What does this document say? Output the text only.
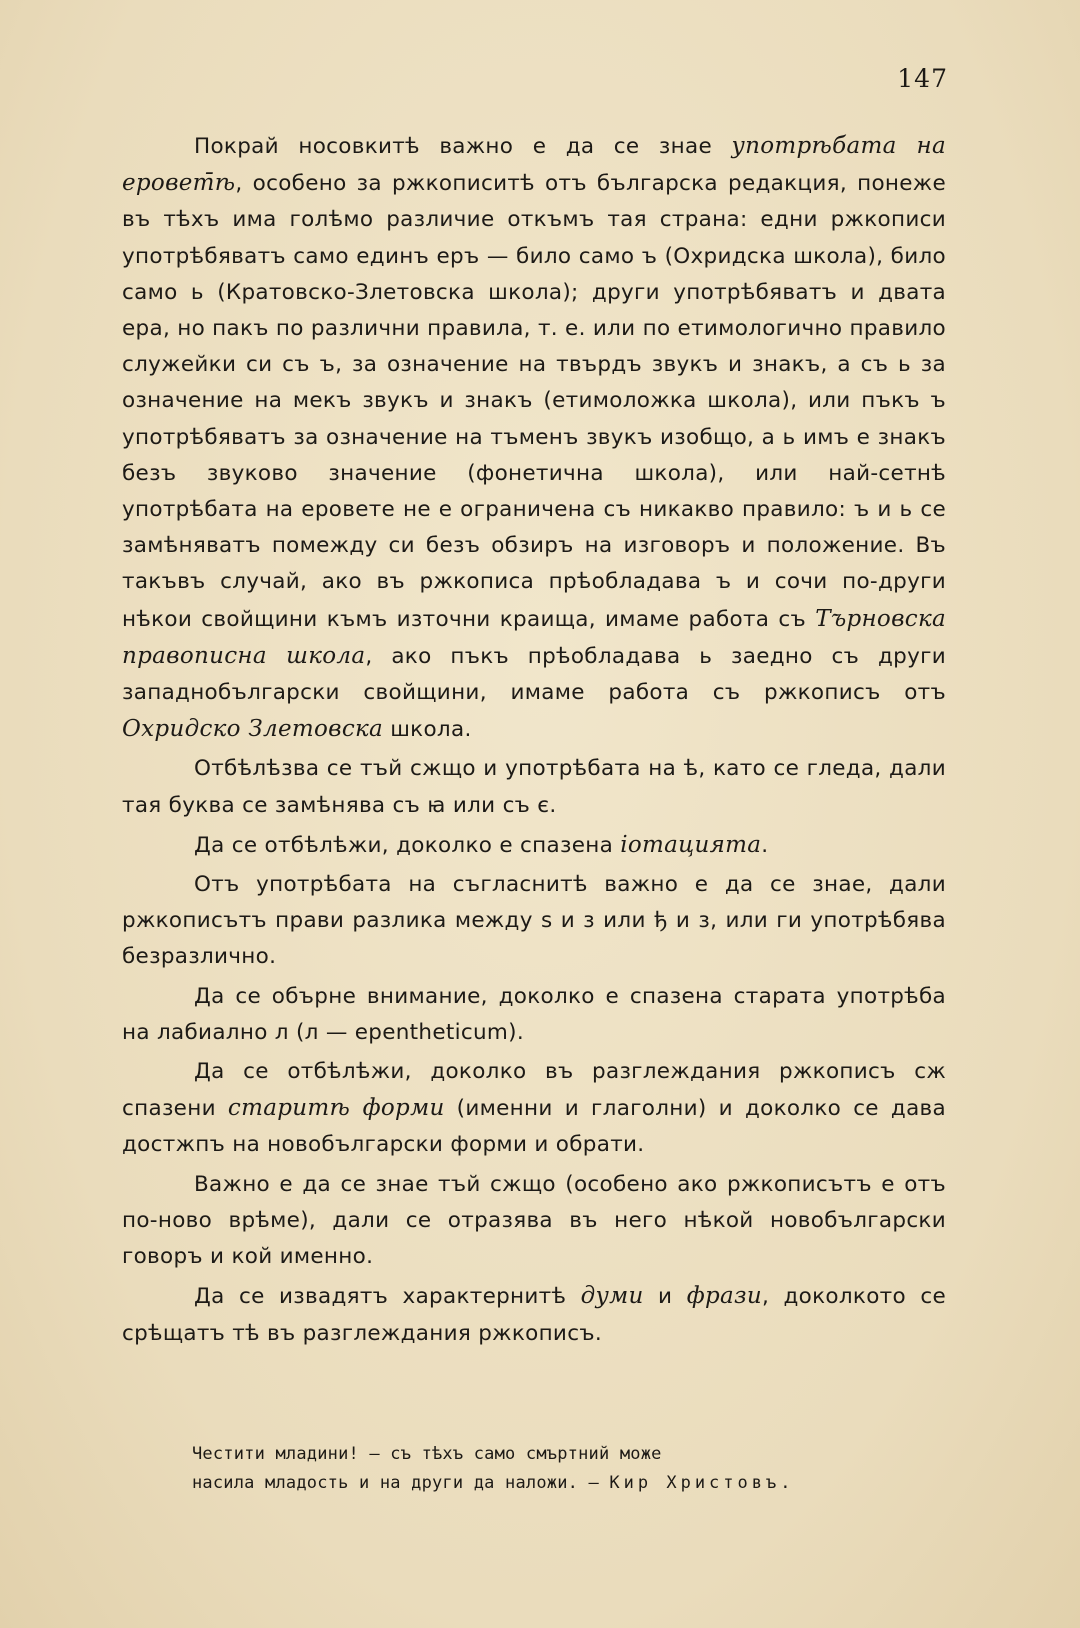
147

Покрай носовкитѣ важно е да се знае употрѣбата на еровет̄ѣ, особено за ржкописитѣ отъ българска редакция, понеже въ тѣхъ има голѣмо различие откъмъ тая страна: едни ржкописи употрѣбяватъ само единъ еръ — било само ъ (Охридска школа), било само ь (Кратовско-Злетовска школа); други употрѣбяватъ и двата ера, но пакъ по различни правила, т. е. или по етимологично правило служейки си съ ъ, за означение на твърдъ звукъ и знакъ, а съ ь за означение на мекъ звукъ и знакъ (етимоложка школа), или пъкъ ъ употрѣбяватъ за означение на тъменъ звукъ изобщо, а ь имъ е знакъ безъ звуково значение (фонетична школа), или най-сетнѣ употрѣбата на еровете не е ограничена съ никакво правило: ъ и ь се замѣняватъ помежду си безъ обзиръ на изговоръ и положение. Въ такъвъ случай, ако въ ржкописа прѣобладава ъ и сочи по-други нѣкои свойщини къмъ източни краища, имаме работа съ Търновска правописна школа, ако пъкъ прѣобладава ь заедно съ други западнобългарски свойщини, имаме работа съ ржкописъ отъ Охридско Злетовска школа.

Отбѣлѣзва се тъй сжщо и употрѣбата на ѣ, като се гледа, дали тая буква се замѣнява съ ꙗ или съ є.

Да се отбѣлѣжи, доколко е спазена іотацията.

Отъ употрѣбата на съгласнитѣ важно е да се знае, дали ржкописътъ прави разлика между ѕ и з или ђ и з, или ги употрѣбява безразлично.

Да се обърне внимание, доколко е спазена старата употрѣба на лабиално л (л — epentheticum).

Да се отбѣлѣжи, доколко въ разглеждания ржкописъ сж спазени старитѣ форми (именни и глаголни) и доколко се дава достжпъ на новобългарски форми и обрати.

Важно е да се знае тъй сжщо (особено ако ржкописътъ е отъ по-ново врѣме), дали се отразява въ него нѣкой новобългарски говоръ и кой именно.

Да се извадятъ характернитѣ думи и фрази, доколкото се срѣщатъ тѣ въ разглеждания ржкописъ.

Честити младини! — съ тѣхъ само смъртний може
насила младость и на други да наложи. — Кир Христовъ.
